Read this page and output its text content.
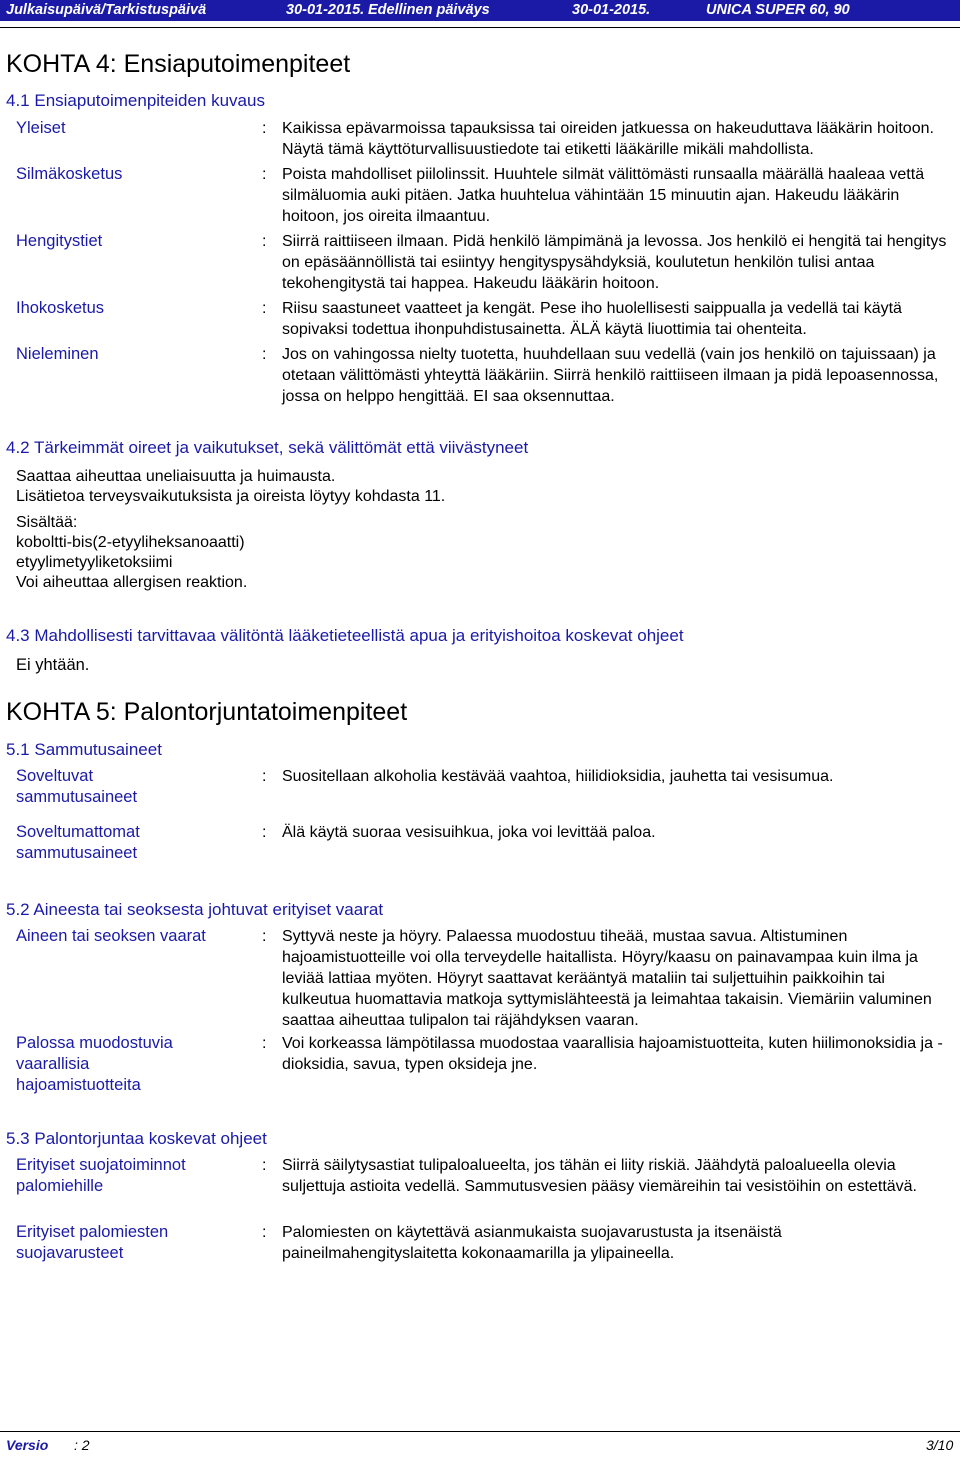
Julkaisupäivä/Tarkistuspäivä	30-01-2015. Edellinen päiväys	30-01-2015.	UNICA SUPER 60, 90
KOHTA 4: Ensiaputoimenpiteet
4.1 Ensiaputoimenpiteiden kuvaus
Yleiset	: Kaikissa epävarmoissa tapauksissa tai oireiden jatkuessa on hakeuduttava lääkärin hoitoon. Näytä tämä käyttöturvallisuustiedote tai etiketti lääkärille mikäli mahdollista.
Silmäkosketus	: Poista mahdolliset piilolinssit. Huuhtele silmät välittömästi runsaalla määrällä haaleaa vettä silmäluomia auki pitäen. Jatka huuhtelua vähintään 15 minuutin ajan. Hakeudu lääkärin hoitoon, jos oireita ilmaantuu.
Hengitystiet	: Siirrä raittiiseen ilmaan. Pidä henkilö lämpimänä ja levossa. Jos henkilö ei hengitä tai hengitys on epäsäännöllistä tai esiintyy hengityspysähdyksiä, koulutetun henkilön tulisi antaa tekohengitystä tai happea. Hakeudu lääkärin hoitoon.
Ihokosketus	: Riisu saastuneet vaatteet ja kengät. Pese iho huolellisesti saippualla ja vedellä tai käytä sopivaksi todettua ihonpuhdistusainetta. ÄLÄ käytä liuottimia tai ohenteita.
Nieleminen	: Jos on vahingossa nielty tuotetta, huuhdellaan suu vedellä (vain jos henkilö on tajuissaan) ja otetaan välittömästi yhteyttä lääkäriin. Siirrä henkilö raittiiseen ilmaan ja pidä lepoasennossa, jossa on helppo hengittää. EI saa oksennuttaa.
4.2 Tärkeimmät oireet ja vaikutukset, sekä välittömät että viivästyneet
Saattaa aiheuttaa uneliaisuutta ja huimausta.
Lisätietoa terveysvaikutuksista ja oireista löytyy kohdasta 11.
Sisältää:
koboltti-bis(2-etyyliheksanoaatti)
etyylimetyyliketoksiimi
Voi aiheuttaa allergisen reaktion.
4.3 Mahdollisesti tarvittavaa välitöntä lääketieteellistä apua ja erityishoitoa koskevat ohjeet
Ei yhtään.
KOHTA 5: Palontorjuntatoimenpiteet
5.1 Sammutusaineet
Soveltuvat sammutusaineet
: Suositellaan alkoholia kestävää vaahtoa, hiilidioksidia, jauhetta tai vesisumua.
Soveltumattomat sammutusaineet
: Älä käytä suoraa vesisuihkua, joka voi levittää paloa.
5.2 Aineesta tai seoksesta johtuvat erityiset vaarat
Aineen tai seoksen vaarat	: Syttyvä neste ja höyry. Palaessa muodostuu tiheää, mustaa savua. Altistuminen hajoamistuotteille voi olla terveydelle haitallista. Höyry/kaasu on painavampaa kuin ilma ja leviää lattiaa myöten. Höyryt saattavat kerääntyä mataliin tai suljettuihin paikkoihin tai kulkeutua huomattavia matkoja syttymislähteestä ja leimahtaa takaisin. Viemäriin valuminen saattaa aiheuttaa tulipalon tai räjähdyksen vaaran.
Palossa muodostuvia vaarallisia hajoamistuotteita
: Voi korkeassa lämpötilassa muodostaa vaarallisia hajoamistuotteita, kuten hiilimonoksidia ja -dioksidia, savua, typen oksideja jne.
5.3 Palontorjuntaa koskevat ohjeet
Erityiset suojatoiminnot palomiehille
: Siirrä säilytysastiat tulipaloalueelta, jos tähän ei liity riskiä. Jäähdytä paloalueella olevia suljettuja astioita vedellä. Sammutusvesien pääsy viemäreihin tai vesistöihin on estettävä.
Erityiset palomiesten suojavarusteet
: Palomiesten on käytettävä asianmukaista suojavarustusta ja itsenäistä paineilmahengityslaitetta kokonaamarilla ja ylipaineella.
Versio : 2	3/10
